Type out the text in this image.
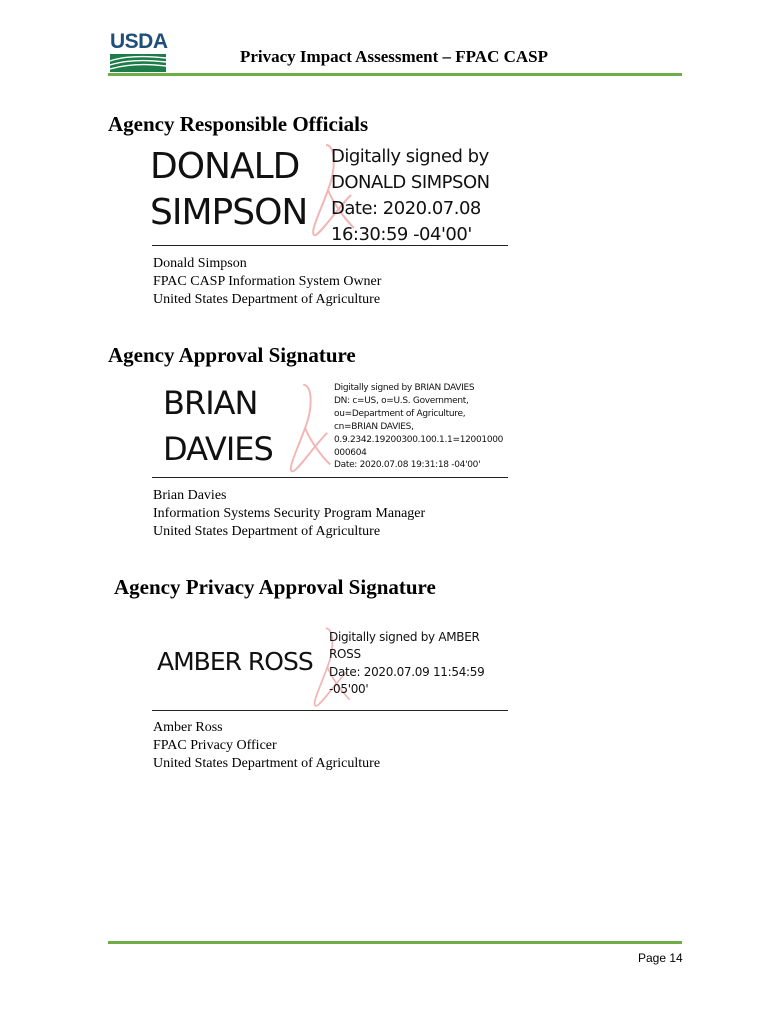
USDA
Privacy Impact Assessment – FPAC CASP
Agency Responsible Officials
DONALD
SIMPSON
Digitally signed by
DONALD SIMPSON
Date: 2020.07.08
16:30:59 -04'00'
Donald Simpson
FPAC CASP Information System Owner
United States Department of Agriculture
Agency Approval Signature
BRIAN
DAVIES
Digitally signed by BRIAN DAVIES
DN: c=US, o=U.S. Government,
ou=Department of Agriculture,
cn=BRIAN DAVIES,
0.9.2342.19200300.100.1.1=12001000
000604
Date: 2020.07.08 19:31:18 -04'00'
Brian Davies
Information Systems Security Program Manager
United States Department of Agriculture
Agency Privacy Approval Signature
AMBER ROSS
Digitally signed by AMBER
ROSS
Date: 2020.07.09 11:54:59
-05'00'
Amber Ross
FPAC Privacy Officer
United States Department of Agriculture
Page 14
